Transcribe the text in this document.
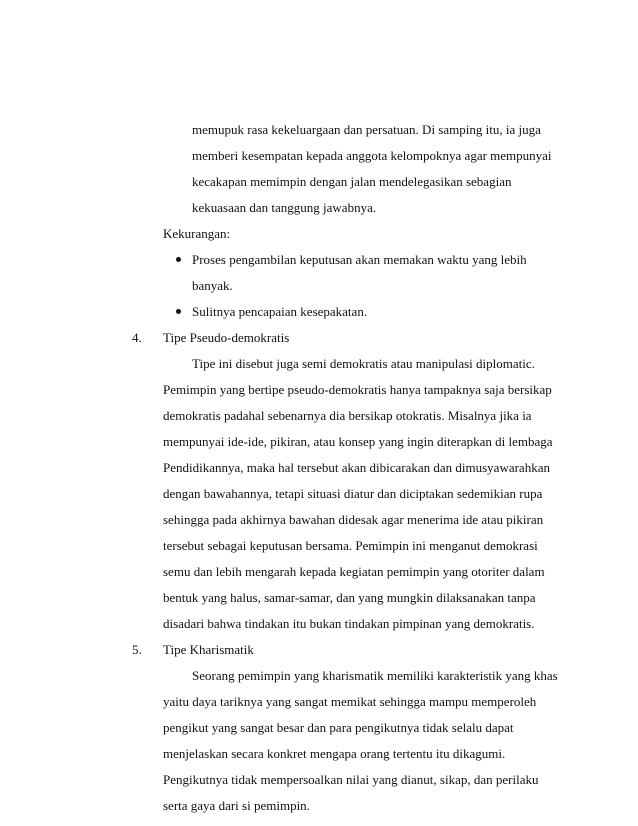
memupuk rasa kekeluargaan dan persatuan. Di samping itu, ia juga
memberi kesempatan kepada anggota kelompoknya agar mempunyai
kecakapan memimpin dengan jalan mendelegasikan sebagian
kekuasaan dan tanggung jawabnya.
Kekurangan:
Proses pengambilan keputusan akan memakan waktu yang lebih
banyak.
Sulitnya pencapaian kesepakatan.
4. Tipe Pseudo-demokratis
Tipe ini disebut juga semi demokratis atau manipulasi diplomatic.
Pemimpin yang bertipe pseudo-demokratis hanya tampaknya saja bersikap
demokratis padahal sebenarnya dia bersikap otokratis. Misalnya jika ia
mempunyai ide-ide, pikiran, atau konsep yang ingin diterapkan di lembaga
Pendidikannya, maka hal tersebut akan dibicarakan dan dimusyawarahkan
dengan bawahannya, tetapi situasi diatur dan diciptakan sedemikian rupa
sehingga pada akhirnya bawahan didesak agar menerima ide atau pikiran
tersebut sebagai keputusan bersama. Pemimpin ini menganut demokrasi
semu dan lebih mengarah kepada kegiatan pemimpin yang otoriter dalam
bentuk yang halus, samar-samar, dan yang mungkin dilaksanakan tanpa
disadari bahwa tindakan itu bukan tindakan pimpinan yang demokratis.
5. Tipe Kharismatik
Seorang pemimpin yang kharismatik memiliki karakteristik yang khas
yaitu daya tariknya yang sangat memikat sehingga mampu memperoleh
pengikut yang sangat besar dan para pengikutnya tidak selalu dapat
menjelaskan secara konkret mengapa orang tertentu itu dikagumi.
Pengikutnya tidak mempersoalkan nilai yang dianut, sikap, dan perilaku
serta gaya dari si pemimpin.
